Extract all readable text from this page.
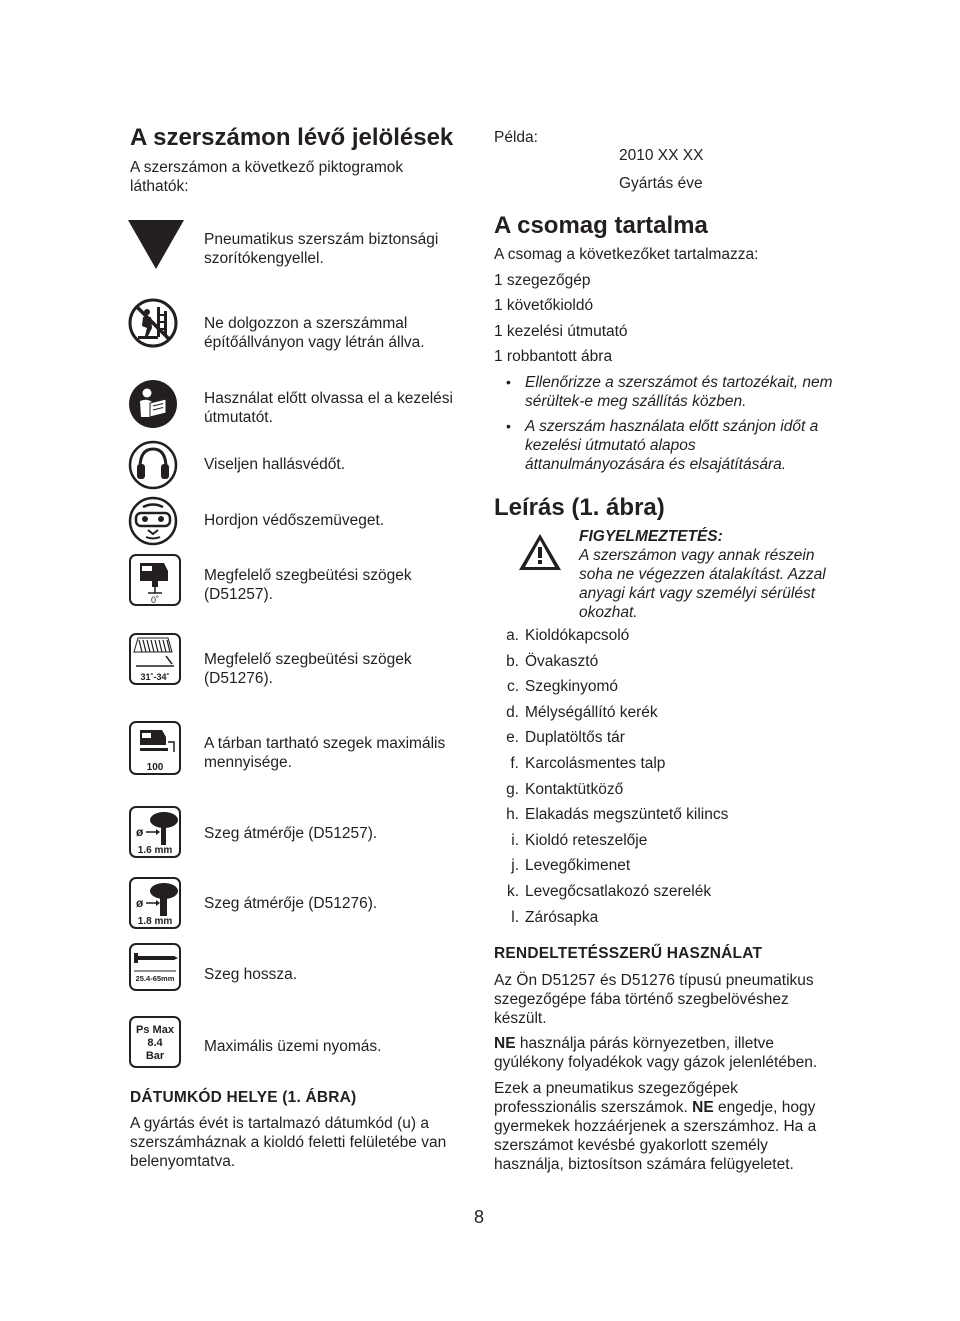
A szerszámon lévő jelölések
A szerszámon a következő piktogramok láthatók:
Pneumatikus szerszám biztonsági szorítókengyellel.
Ne dolgozzon a szerszámmal építőállványon vagy létrán állva.
Használat előtt olvassa el a kezelési útmutatót.
Viseljen hallásvédőt.
Hordjon védőszemüveget.
0˚
Megfelelő szegbeütési szögek (D51257).
31˚-34˚
Megfelelő szegbeütési szögek (D51276).
100
A tárban tartható szegek maximális mennyisége.
ø
1.6 mm
Szeg átmérője (D51257).
ø
1.8 mm
Szeg átmérője (D51276).
25.4-65mm Szeg hossza.
Ps Max
8.4
Bar
Maximális üzemi nyomás.
DÁTUMKÓD HELYE (1. ÁBRA)
A gyártás évét is tartalmazó dátumkód (u) a szerszámháznak a kioldó feletti felületébe van belenyomtatva.
Példa:
2010 XX XX
Gyártás éve
A csomag tartalma
A csomag a következőket tartalmazza:
1 szegezőgép
1 követőkioldó
1 kezelési útmutató
1 robbantott ábra
• Ellenőrizze a szerszámot és tartozékait, nem sérültek-e meg szállítás közben.
• A szerszám használata előtt szánjon időt a kezelési útmutató alapos áttanulmányozására és elsajátítására.
Leírás (1. ábra)
FIGYELMEZTETÉS:
A szerszámon vagy annak részein soha ne végezzen átalakítást. Azzal anyagi kárt vagy személyi sérülést okozhat.
a. Kioldókapcsoló
b. Övakasztó
c. Szegkinyomó
d. Mélységállító kerék
e. Duplatöltős tár
f. Karcolásmentes talp
g. Kontaktütköző
h. Elakadás megszüntető kilincs
i. Kioldó reteszelője
j. Levegőkimenet
k. Levegőcsatlakozó szerelék
l. Zárósapka
RENDELTETÉSSZERŰ HASZNÁLAT
Az Ön D51257 és D51276 típusú pneumatikus szegezőgépe fába történő szegbelövéshez készült.
NE használja párás környezetben, illetve gyúlékony folyadékok vagy gázok jelenlétében.
Ezek a pneumatikus szegezőgépek professzionális szerszámok. NE engedje, hogy gyermekek hozzáérjenek a szerszámhoz. Ha a szerszámot kevésbé gyakorlott személy használja, biztosítson számára felügyeletet.
8
